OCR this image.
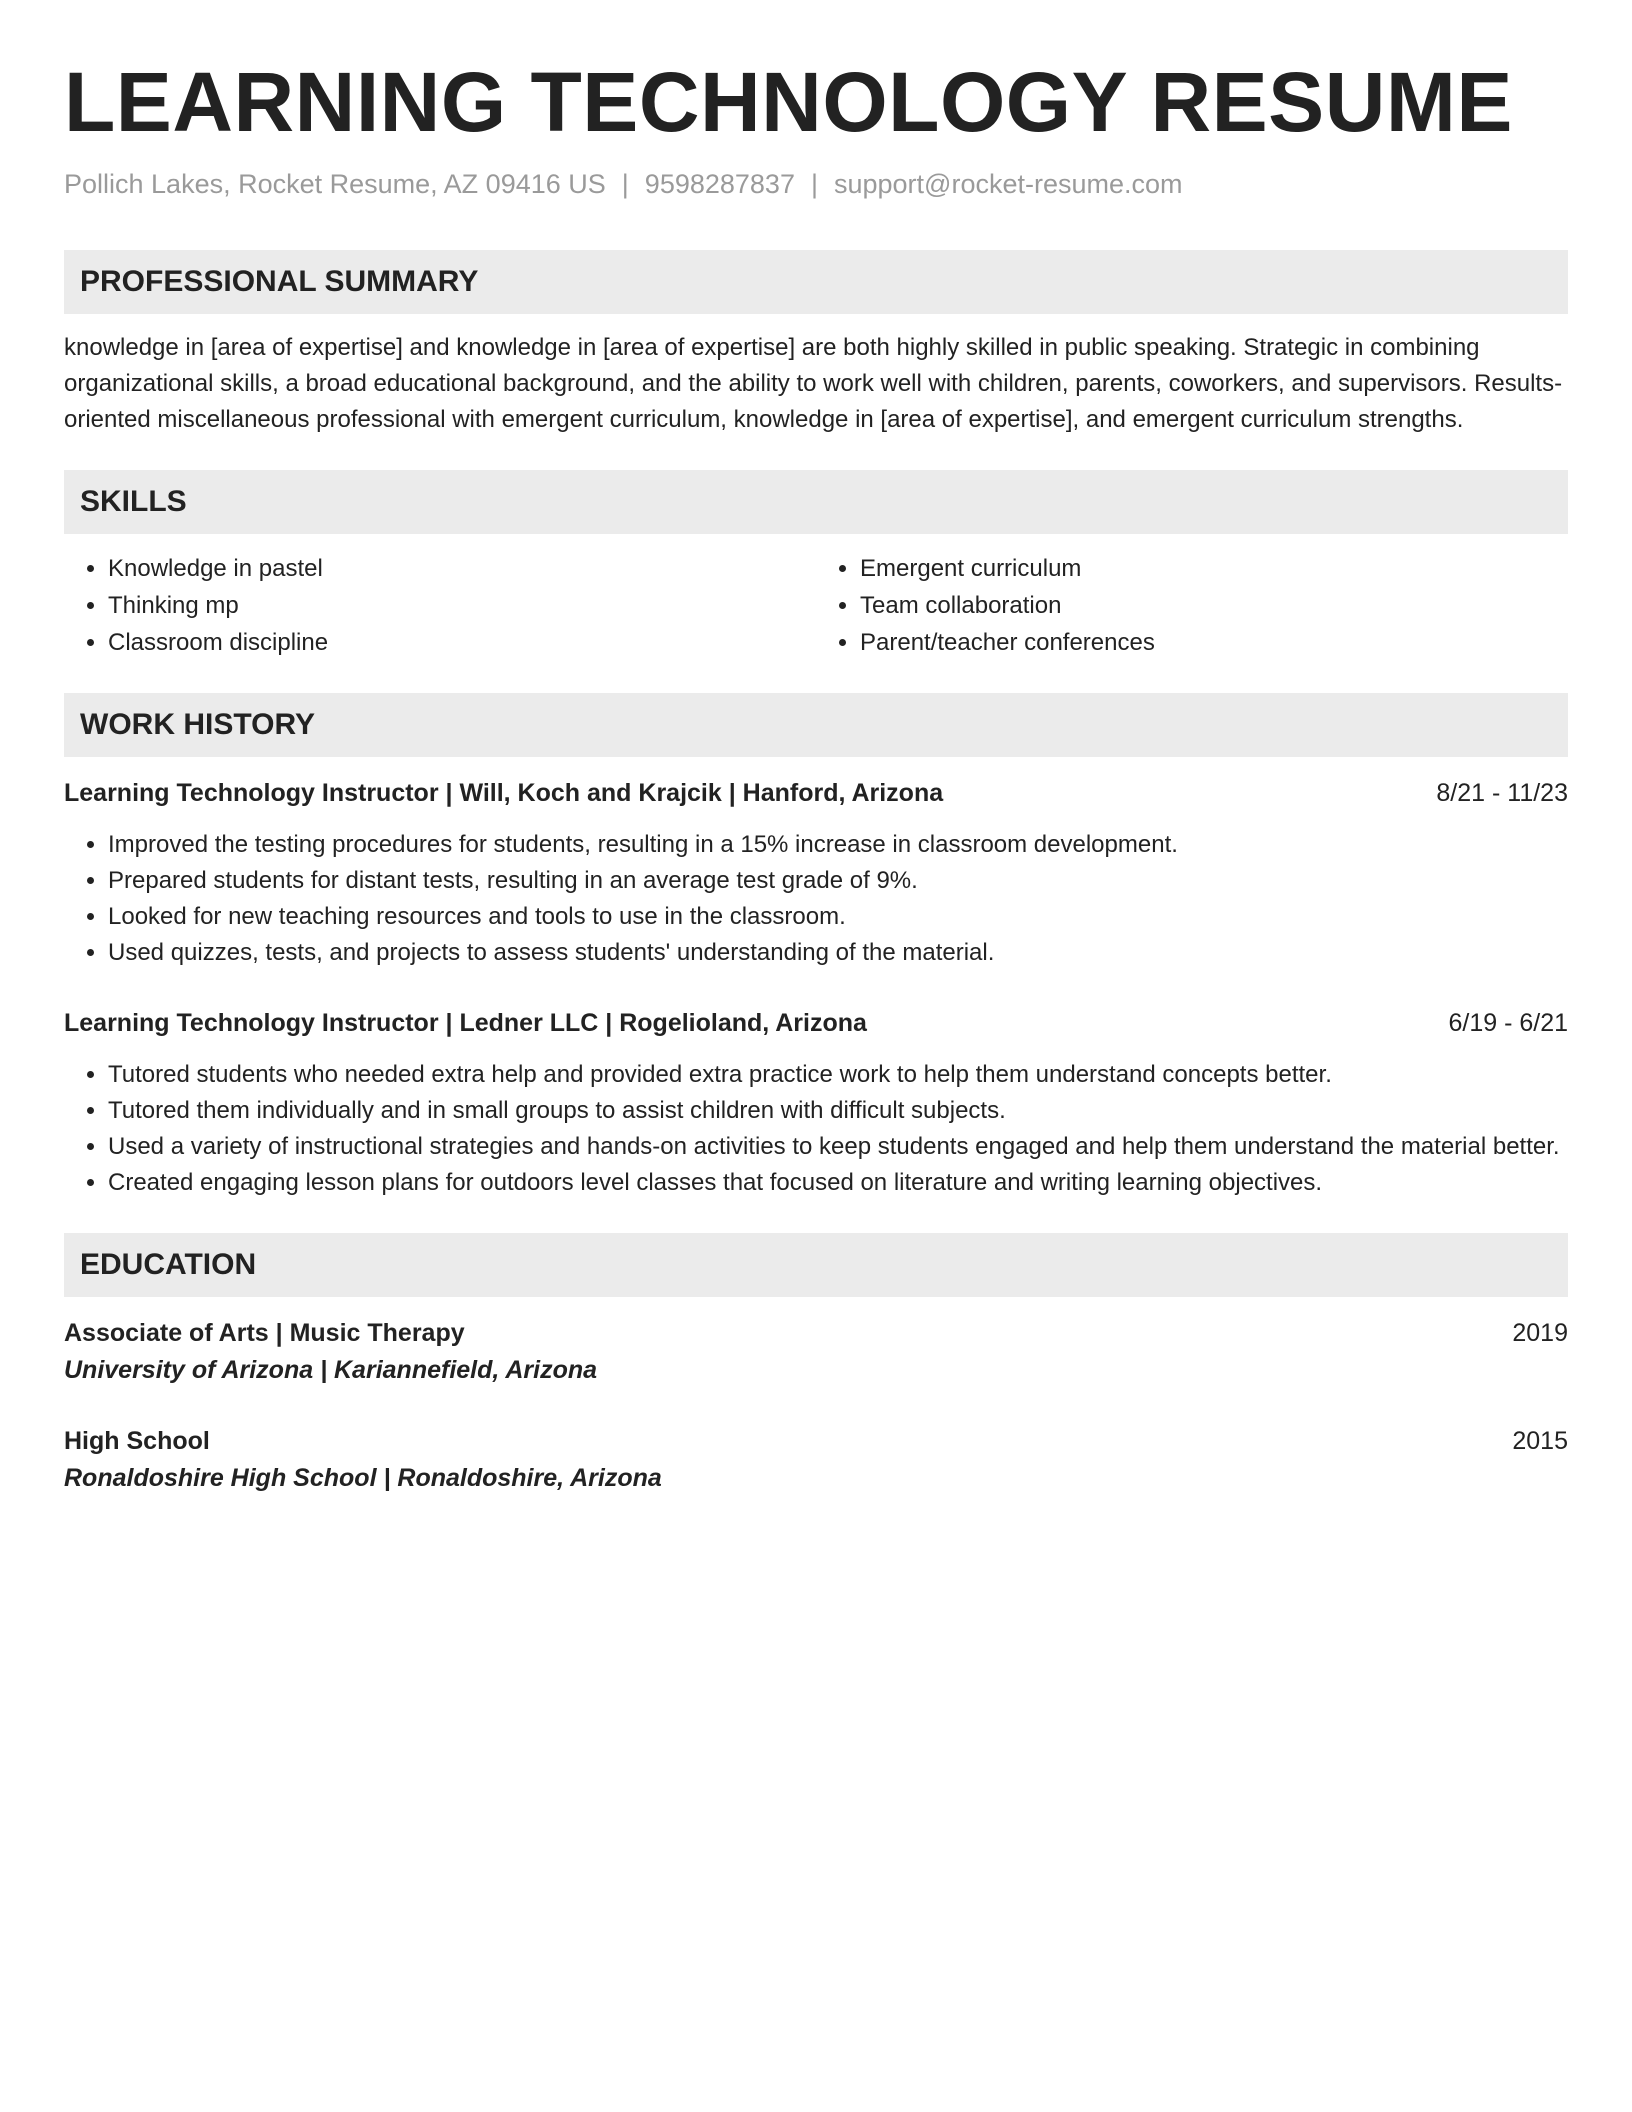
LEARNING TECHNOLOGY RESUME
Pollich Lakes, Rocket Resume, AZ 09416 US | 9598287837 | support@rocket-resume.com
PROFESSIONAL SUMMARY
knowledge in [area of expertise] and knowledge in [area of expertise] are both highly skilled in public speaking. Strategic in combining organizational skills, a broad educational background, and the ability to work well with children, parents, coworkers, and supervisors. Results-oriented miscellaneous professional with emergent curriculum, knowledge in [area of expertise], and emergent curriculum strengths.
SKILLS
• Knowledge in pastel
• Thinking mp
• Classroom discipline
• Emergent curriculum
• Team collaboration
• Parent/teacher conferences
WORK HISTORY
Learning Technology Instructor | Will, Koch and Krajcik | Hanford, Arizona	8/21 - 11/23
• Improved the testing procedures for students, resulting in a 15% increase in classroom development.
• Prepared students for distant tests, resulting in an average test grade of 9%.
• Looked for new teaching resources and tools to use in the classroom.
• Used quizzes, tests, and projects to assess students' understanding of the material.
Learning Technology Instructor | Ledner LLC | Rogelioland, Arizona	6/19 - 6/21
• Tutored students who needed extra help and provided extra practice work to help them understand concepts better.
• Tutored them individually and in small groups to assist children with difficult subjects.
• Used a variety of instructional strategies and hands-on activities to keep students engaged and help them understand the material better.
• Created engaging lesson plans for outdoors level classes that focused on literature and writing learning objectives.
EDUCATION
Associate of Arts | Music Therapy	2019
University of Arizona | Kariannefield, Arizona
High School	2015
Ronaldoshire High School | Ronaldoshire, Arizona
